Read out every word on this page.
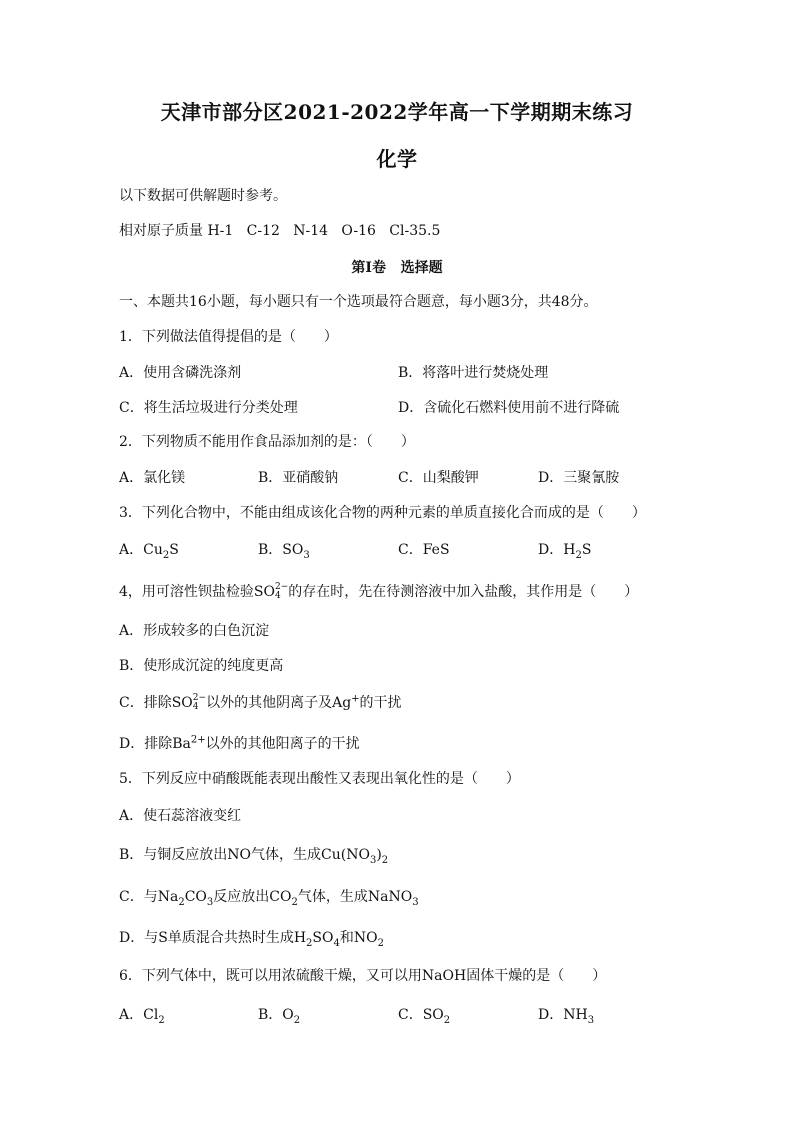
天津市部分区2021-2022学年高一下学期期末练习
化学
以下数据可供解题时参考。
相对原子质量 H-1   C-12   N-14   O-16   Cl-35.5
第Ⅰ卷   选择题
一、本题共16小题，每小题只有一个选项最符合题意，每小题3分，共48分。
1．下列做法值得提倡的是（　　）
A．使用含磷洗涤剂	B．将落叶进行焚烧处理
C．将生活垃圾进行分类处理	D．含硫化石燃料使用前不进行降硫
2．下列物质不能用作食品添加剂的是：（　　）
A．氯化镁	B．亚硝酸钠	C．山梨酸钾	D．三聚氰胺
3．下列化合物中，不能由组成该化合物的两种元素的单质直接化合而成的是（　　）
A．$Cu_2S$	B．$SO_3$	C．FeS	D．$H_2S$
4，用可溶性钡盐检验SO 2−
4 的存在时，先在待测溶液中加入盐酸，其作用是（　　）
A．形成较多的白色沉淀
B．使形成沉淀的纯度更高
C．排除SO 2−
4 以外的其他阴离子及Ag+的干扰
D．排除$Ba^{2+}$以外的其他阳离子的干扰
5．下列反应中硝酸既能表现出酸性又表现出氧化性的是（　　）
A．使石蕊溶液变红
B．与铜反应放出NO气体，生成$Cu(NO_3)_2$
C．与$Na_2CO_3$反应放出$CO_2$气体，生成NaNO$_3$
D．与S单质混合共热时生成$H_2SO_4$和$NO_2$
6．下列气体中，既可以用浓硫酸干燥，又可以用NaOH固体干燥的是（　　）
A．$Cl_2$	B．$O_2$	C．$SO_2$	D．$NH_3$
